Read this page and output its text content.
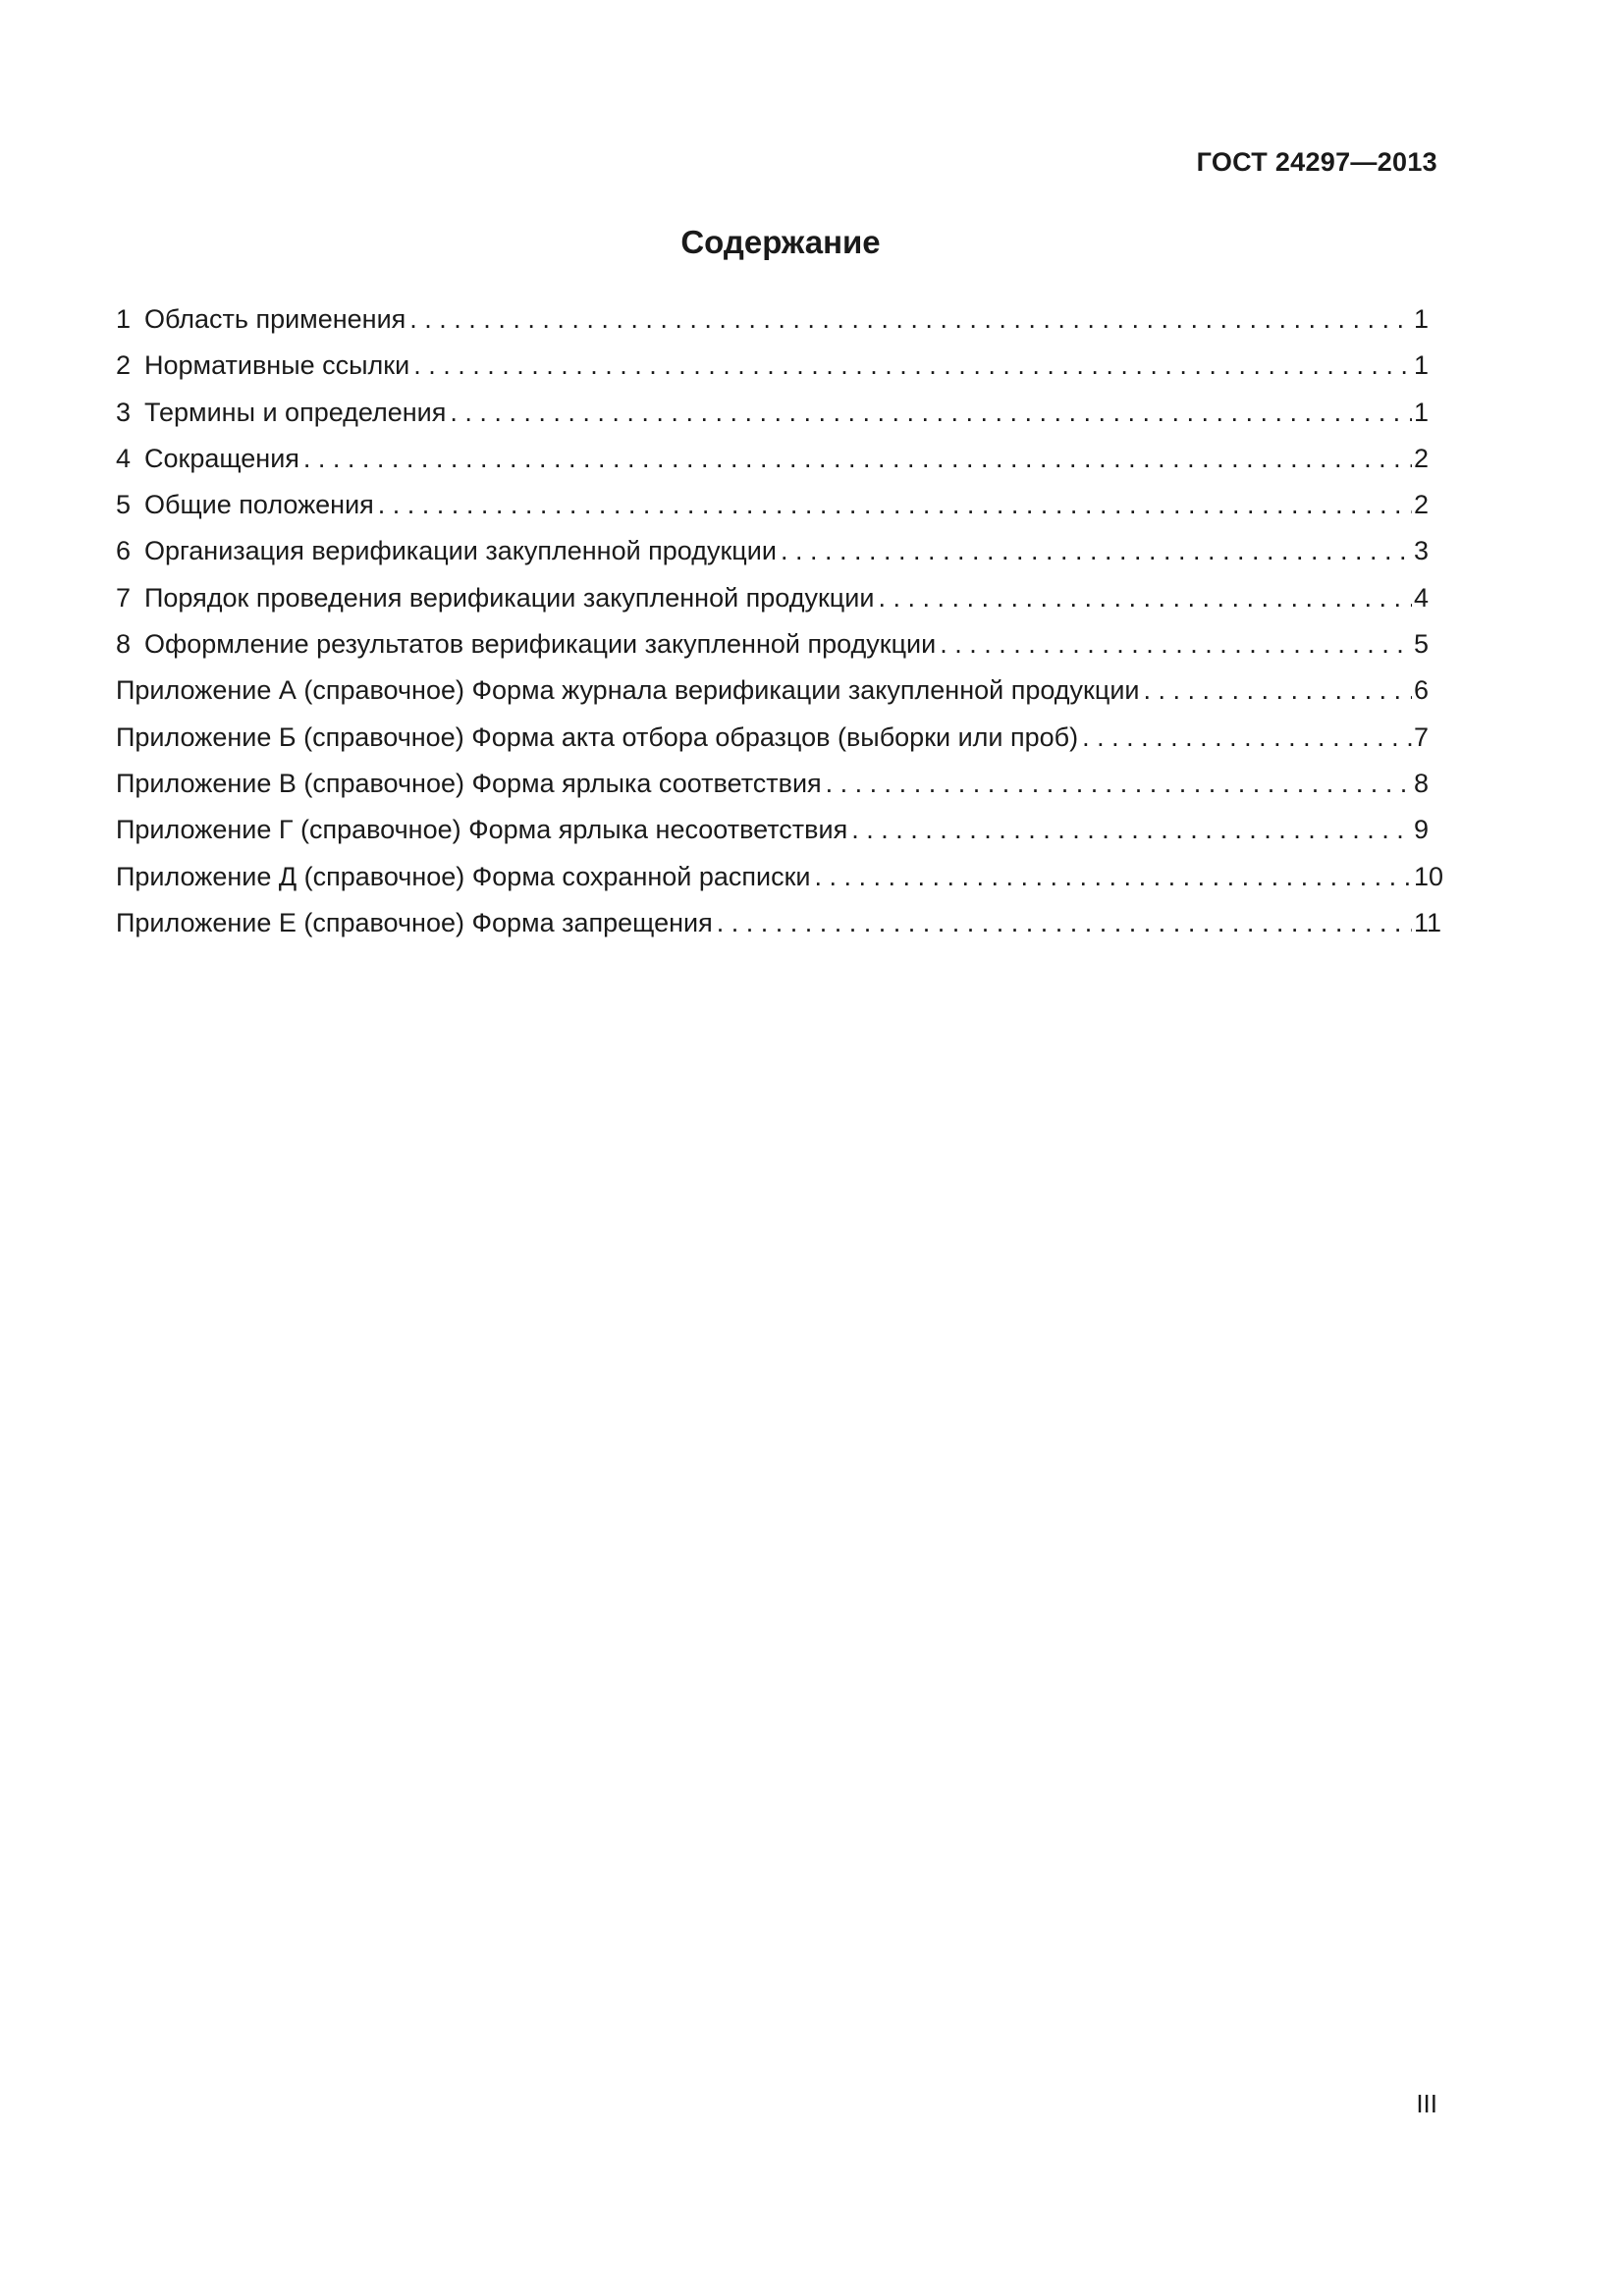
ГОСТ 24297—2013
Содержание
1 Область применения . . .	1
2 Нормативные ссылки . . .	1
3 Термины и определения . . .	1
4 Сокращения . . .	2
5 Общие положения . . .	2
6 Организация верификации закупленной продукции . . .	3
7 Порядок проведения верификации закупленной продукции . . .	4
8 Оформление результатов верификации закупленной продукции . . .	5
Приложение А (справочное) Форма журнала верификации закупленной продукции . . .	6
Приложение Б (справочное) Форма акта отбора образцов (выборки или проб) . . .	7
Приложение В (справочное) Форма ярлыка соответствия . . .	8
Приложение Г (справочное) Форма ярлыка несоответствия . . .	9
Приложение Д (справочное) Форма сохранной расписки . . .	10
Приложение Е (справочное) Форма запрещения . . .	11
III
